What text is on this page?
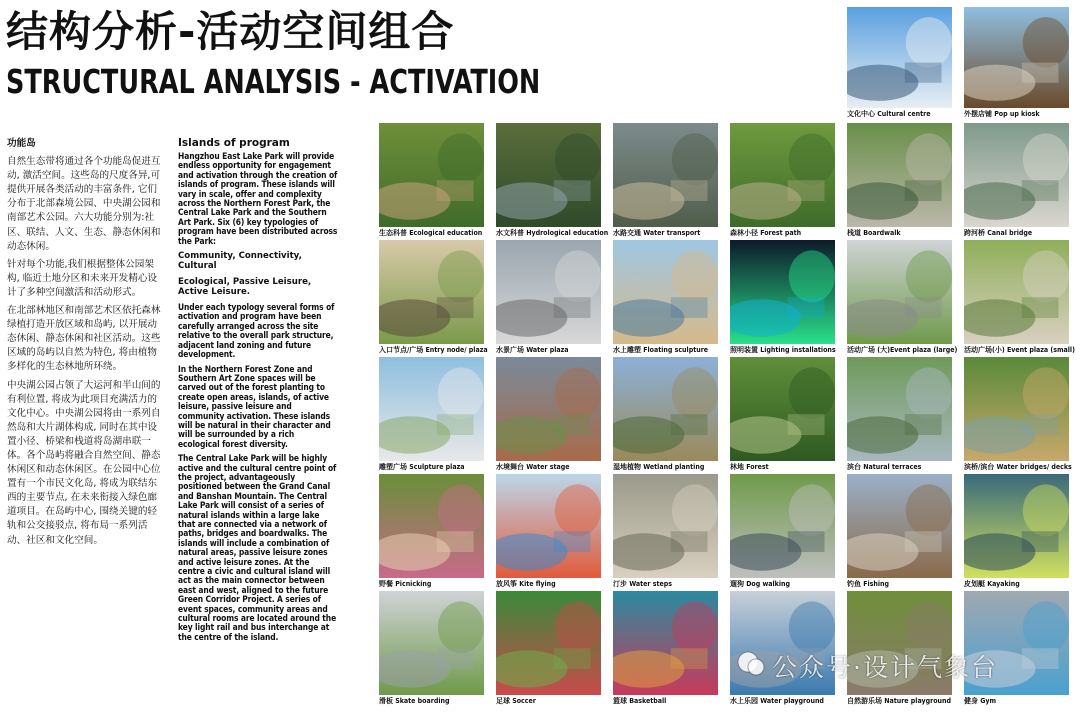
结构分析-活动空间组合
STRUCTURAL ANALYSIS - ACTIVATION
功能岛

自然生态带将通过各个功能岛促进互动, 激活空间。这些岛的尺度各异,可提供开展各类活动的丰富条件, 它们分布于北部森境公园、中央湖公园和南部艺术公园。六大功能分别为:社区、联结、人文、生态、静态休闲和动态休闲。

针对每个功能,我们根据整体公园架构, 临近土地分区和未来开发精心设计了多种空间激活和活动形式。

在北部林地区和南部艺术区依托森林绿植打造开放区域和岛屿, 以开展动态休闲、静态休闲和社区活动。这些区域的岛屿以自然为特色, 将由植物多样化的生态林地所环绕。

中央湖公园占领了大运河和半山间的有利位置, 将成为此项目充满活力的文化中心。中央湖公园将由一系列自然岛和大片湖体构成, 同时在其中设置小径、桥梁和栈道将岛湖串联一体。各个岛屿将融合自然空间、静态休闲区和动态休闲区。在公园中心位置有一个市民文化岛, 将成为联结东西的主要节点, 在未来衔接入绿色廊道项目。在岛屿中心, 围绕关键的轻轨和公交接驳点, 将布局一系列活动、社区和文化空间。

Islands of program

Hangzhou East Lake Park will provide endless opportunity for engagement and activation through the creation of islands of program. These islands will vary in scale, offer and complexity across the Northern Forest Park, the Central Lake Park and the Southern Art Park. Six (6) key typologies of program have been distributed across the Park:

Community, Connectivity, Cultural
Ecological, Passive Leisure, Active Leisure.

Under each typology several forms of activation and program have been carefully arranged across the site relative to the overall park structure, adjacent land zoning and future development.

In the Northern Forest Zone and Southern Art Zone spaces will be carved out of the forest planting to create open areas, islands, of active leisure, passive leisure and community activation. These islands will be natural in their character and will be surrounded by a rich ecological forest diversity.

The Central Lake Park will be highly active and the cultural centre point of the project, advantageously positioned between the Grand Canal and Banshan Mountain. The Central Lake Park will consist of a series of natural islands within a large lake that are connected via a network of paths, bridges and boardwalks. The islands will include a combination of natural areas, passive leisure zones and active leisure zones. At the centre a civic and cultural island will act as the main connector between east and west, aligned to the future Green Corridor Project. A series of event spaces, community areas and cultural rooms are located around the key light rail and bus interchange at the centre of the island.

文化中心 Cultural centre	外摆店铺 Pop up kiosk
生态科普 Ecological education 水文科普 Hydrological education 水路交通 Water transport	森林小径 Forest path	栈道 Boardwalk	跨河桥 Canal bridge
入口节点/广场 Entry node/ plaza 水景广场 Water plaza	水上雕塑 Floating sculpture	照明装置 Lighting installations 活动广场 (大)Event plaza (large) 活动广场(小) Event plaza (small)
雕塑广场 Sculpture plaza	水境舞台 Water stage	湿地植物 Wetland planting	林地 Forest	滨台 Natural terraces	滨桥/滨台 Water bridges/ decks
野餐 Picnicking	放风筝 Kite flying	汀步 Water steps	遛狗 Dog walking	钓鱼 Fishing	皮划艇 Kayaking
滑板 Skate boarding	足球 Soccer	篮球 Basketball	水上乐园 Water playground	自然游乐场 Nature playground 健身 Gym
公众号·设计气象台
